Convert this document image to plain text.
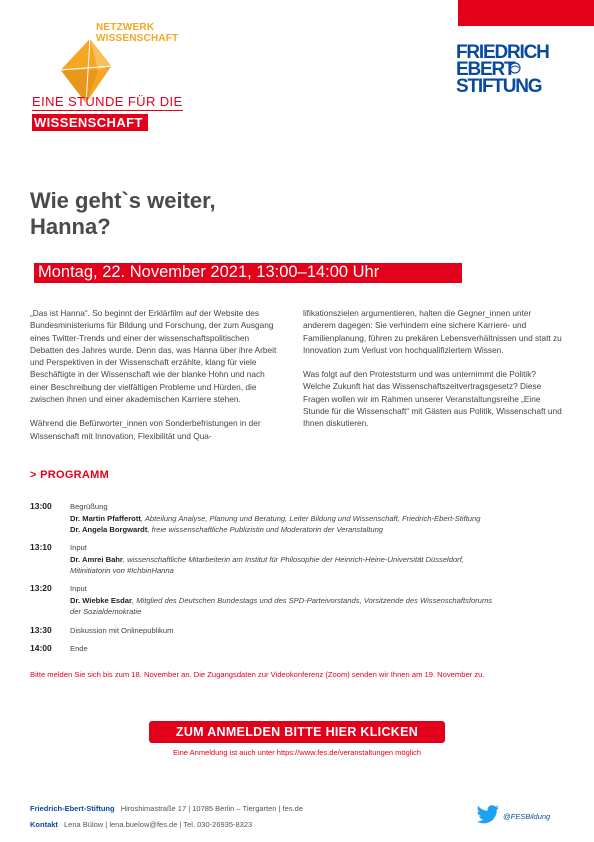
NETZWERK
WISSENSCHAFT
FRIEDRICH
EBERT
STIFTUNG
EINE STUNDE FÜR DIE
WISSENSCHAFT
Wie geht`s weiter,
Hanna?
Montag, 22. November 2021, 13:00–14:00 Uhr

„Das ist Hanna“. So beginnt der Erklärfilm auf der Website des Bundesministeriums für Bildung und Forschung, der zum Ausgang eines Twitter-Trends und einer der wissenschaftspolitischen Debatten des Jahres wurde. Denn das, was Hanna über ihre Arbeit und Perspektiven in der Wissenschaft erzählte, klang für viele Beschäftigte in der Wissenschaft wie der blanke Hohn und nach einer Beschreibung der vielfältigen Probleme und Hürden, die zwischen ihnen und einer akademischen Karriere stehen.

Während die Befürworter_innen von Sonderbefristungen in der Wissenschaft mit Innovation, Flexibilität und Qua-

lifikationszielen argumentieren, halten die Gegner_innen unter anderem dagegen: Sie verhindern eine sichere Karriere- und Familienplanung, führen zu prekären Lebensverhältnissen und statt zu Innovation zum Verlust von hochqualifiziertem Wissen.

Was folgt auf den Proteststurm und was unternimmt die Politik? Welche Zukunft hat das Wissenschaftszeitvertragsgesetz? Diese Fragen wollen wir im Rahmen unserer Veranstaltungsreihe „Eine Stunde für die Wissenschaft“ mit Gästen aus Politik, Wissenschaft und Ihnen diskutieren.

> PROGRAMM
13:00 Begrüßung
Dr. Martin Pfafferott, Abteilung Analyse, Planung und Beratung, Leiter Bildung und Wissenschaft, Friedrich-Ebert-Stiftung
Dr. Angela Borgwardt, freie wissenschaftliche Publizistin und Moderatorin der Veranstaltung
13:10 Input
Dr. Amrei Bahr, wissenschaftliche Mitarbeiterin am Institut für Philosophie der Heinrich-Heine-Universität Düsseldorf,
Mitinitiatorin von #IchbinHanna
13:20 Input
Dr. Wiebke Esdar, Mitglied des Deutschen Bundestags und des SPD-Parteivorstands, Vorsitzende des Wissenschaftsforums
der Sozialdemokratie
13:30 Diskussion mit Onlinepublikum
14:00 Ende
Bitte melden Sie sich bis zum 18. November an. Die Zugangsdaten zur Videokonferenz (Zoom) senden wir Ihnen am 19. November zu.
ZUM ANMELDEN BITTE HIER KLICKEN
Eine Anmeldung ist auch unter https://www.fes.de/veranstaltungen möglich
Friedrich-Ebert-Stiftung Hiroshimastraße 17 | 10785 Berlin – Tiergarten | fes.de
Kontakt Lena Bülow | lena.buelow@fes.de | Tel. 030-26935-8323
@FESBildung
